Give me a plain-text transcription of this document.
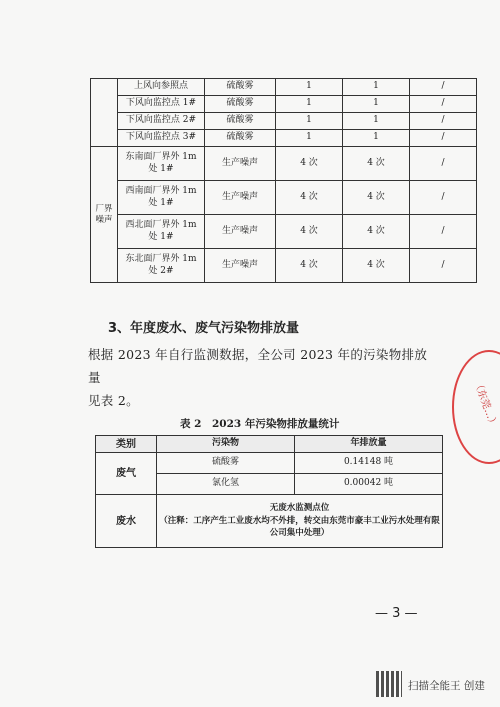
	上风向参照点	硫酸雾	1	1	/
	下风向监控点 1#	硫酸雾	1	1	/
	下风向监控点 2#	硫酸雾	1	1	/
	下风向监控点 3#	硫酸雾	1	1	/
厂界噪声	东南面厂界外 1m 处 1#	生产噪声	4 次	4 次	/
	西南面厂界外 1m 处 1#	生产噪声	4 次	4 次	/
	西北面厂界外 1m 处 1#	生产噪声	4 次	4 次	/
	东北面厂界外 1m 处 2#	生产噪声	4 次	4 次	/
3、年度废水、废气污染物排放量
根据 2023 年自行监测数据，全公司 2023 年的污染物排放量
见表 2。
表 2　2023 年污染物排放量统计
类别	污染物	年排放量
废气	硫酸雾	0.14148 吨
	氯化氢	0.00042 吨
废水	无废水监测点位
（注释：工序产生工业废水均不外排，转交由东莞市豪丰工业污水处理有限
公司集中处理）	
（东莞…）
— 3 —
扫描全能王 创建
